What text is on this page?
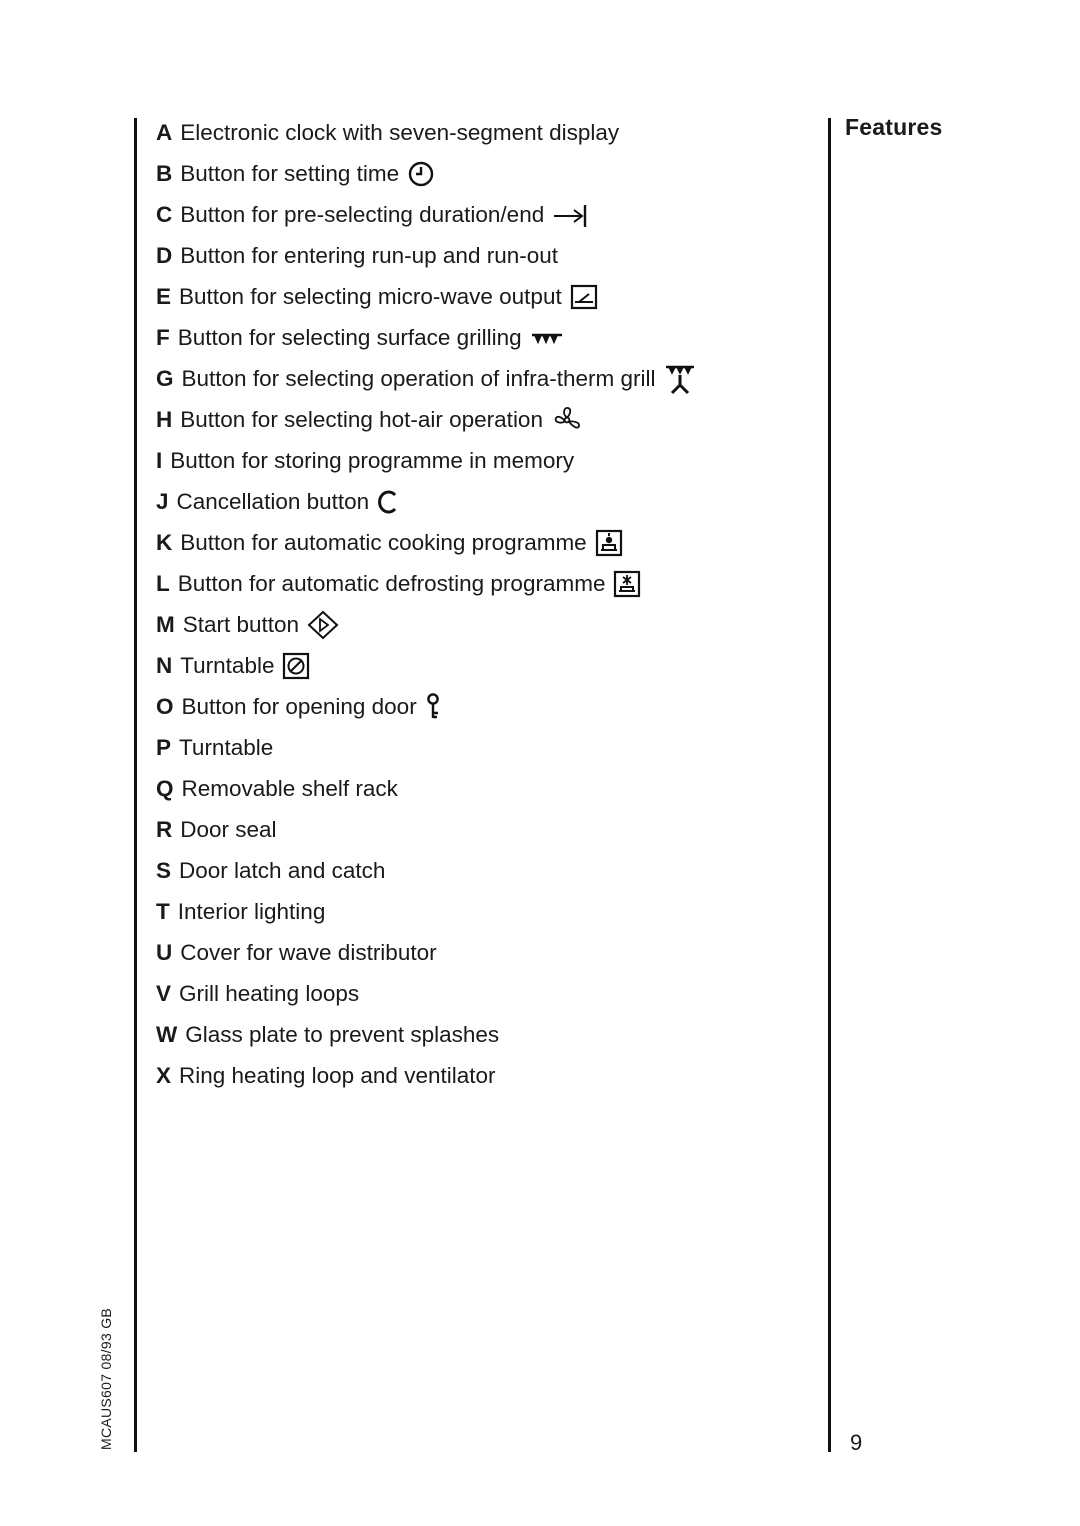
A Electronic clock with seven-segment display
B Button for setting time
C Button for pre-selecting duration/end
D Button for entering run-up and run-out
E Button for selecting micro-wave output
F Button for selecting surface grilling
G Button for selecting operation of infra-therm grill
H Button for selecting hot-air operation
I Button for storing programme in memory
J Cancellation button
K Button for automatic cooking programme
L Button for automatic defrosting programme
M Start button
N Turntable
O Button for opening door
P Turntable
Q Removable shelf rack
R Door seal
S Door latch and catch
T Interior lighting
U Cover for wave distributor
V Grill heating loops
W Glass plate to prevent splashes
X Ring heating loop and ventilator
Features
9
MCAUS607 08/93 GB
